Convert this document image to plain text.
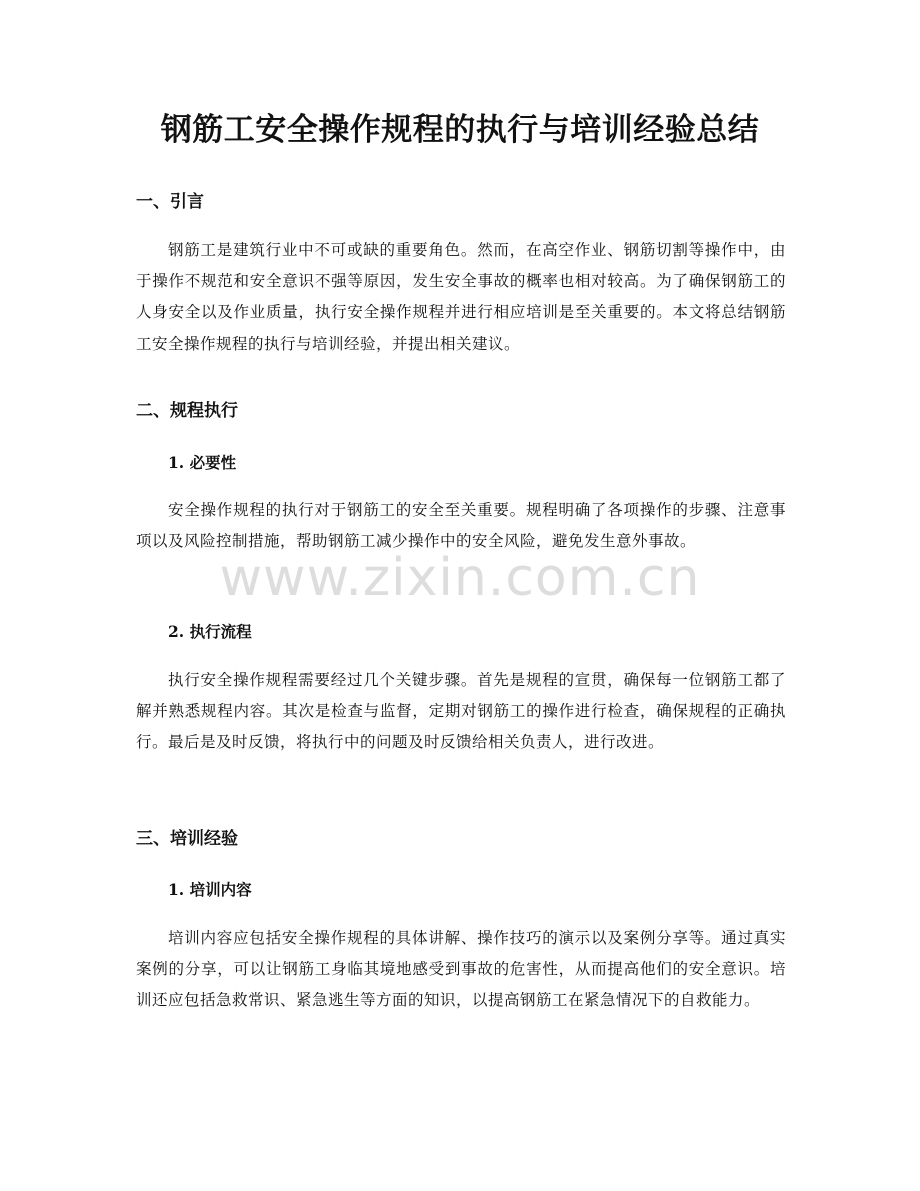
钢筋工安全操作规程的执行与培训经验总结
一、引言

钢筋工是建筑行业中不可或缺的重要角色。然而，在高空作业、钢筋切割等操作中，由于操作不规范和安全意识不强等原因，发生安全事故的概率也相对较高。为了确保钢筋工的人身安全以及作业质量，执行安全操作规程并进行相应培训是至关重要的。本文将总结钢筋工安全操作规程的执行与培训经验，并提出相关建议。

二、规程执行
1. 必要性

安全操作规程的执行对于钢筋工的安全至关重要。规程明确了各项操作的步骤、注意事项以及风险控制措施，帮助钢筋工减少操作中的安全风险，避免发生意外事故。

2. 执行流程

执行安全操作规程需要经过几个关键步骤。首先是规程的宣贯，确保每一位钢筋工都了解并熟悉规程内容。其次是检查与监督，定期对钢筋工的操作进行检查，确保规程的正确执行。最后是及时反馈，将执行中的问题及时反馈给相关负责人，进行改进。

三、培训经验
1. 培训内容

培训内容应包括安全操作规程的具体讲解、操作技巧的演示以及案例分享等。通过真实案例的分享，可以让钢筋工身临其境地感受到事故的危害性，从而提高他们的安全意识。培训还应包括急救常识、紧急逃生等方面的知识，以提高钢筋工在紧急情况下的自救能力。

www.zixin.com.cn
